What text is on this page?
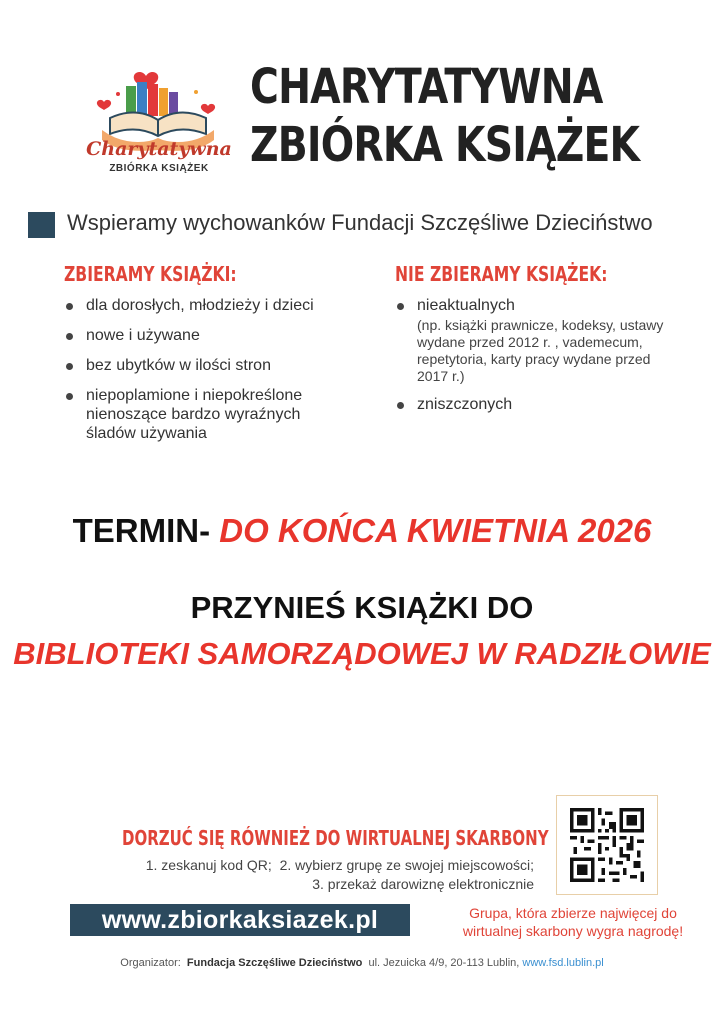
Charytatywna
ZBIÓRKA KSIĄŻEK
CHARYTATYWNA
ZBIÓRKA KSIĄŻEK
Wspieramy wychowanków Fundacji Szczęśliwe Dzieciństwo
ZBIERAMY KSIĄŻKI:
dla dorosłych, młodzieży i dzieci
nowe i używane
bez ubytków w ilości stron
niepoplamione i niepokreślone nienoszące bardzo wyraźnych śladów używania
NIE ZBIERAMY KSIĄŻEK:
nieaktualnych
(np. książki prawnicze, kodeksy, ustawy wydane przed 2012 r. , vademecum, repetytoria, karty pracy wydane przed 2017 r.)
zniszczonych
TERMIN- DO KOŃCA KWIETNIA 2026
PRZYNIEŚ KSIĄŻKI DO
BIBLIOTEKI SAMORZĄDOWEJ W RADZIŁOWIE
DORZUĆ SIĘ RÓWNIEŻ DO WIRTUALNEJ SKARBONY
1. zeskanuj kod QR; 2. wybierz grupę ze swojej miejscowości;
3. przekaż darowiznę elektronicznie
www.zbiorkaksiazek.pl	Grupa, która zbierze najwięcej do wirtualnej skarbony wygra nagrodę!
Organizator: Fundacja Szczęśliwe Dzieciństwo ul. Jezuicka 4/9, 20-113 Lublin, www.fsd.lublin.pl
